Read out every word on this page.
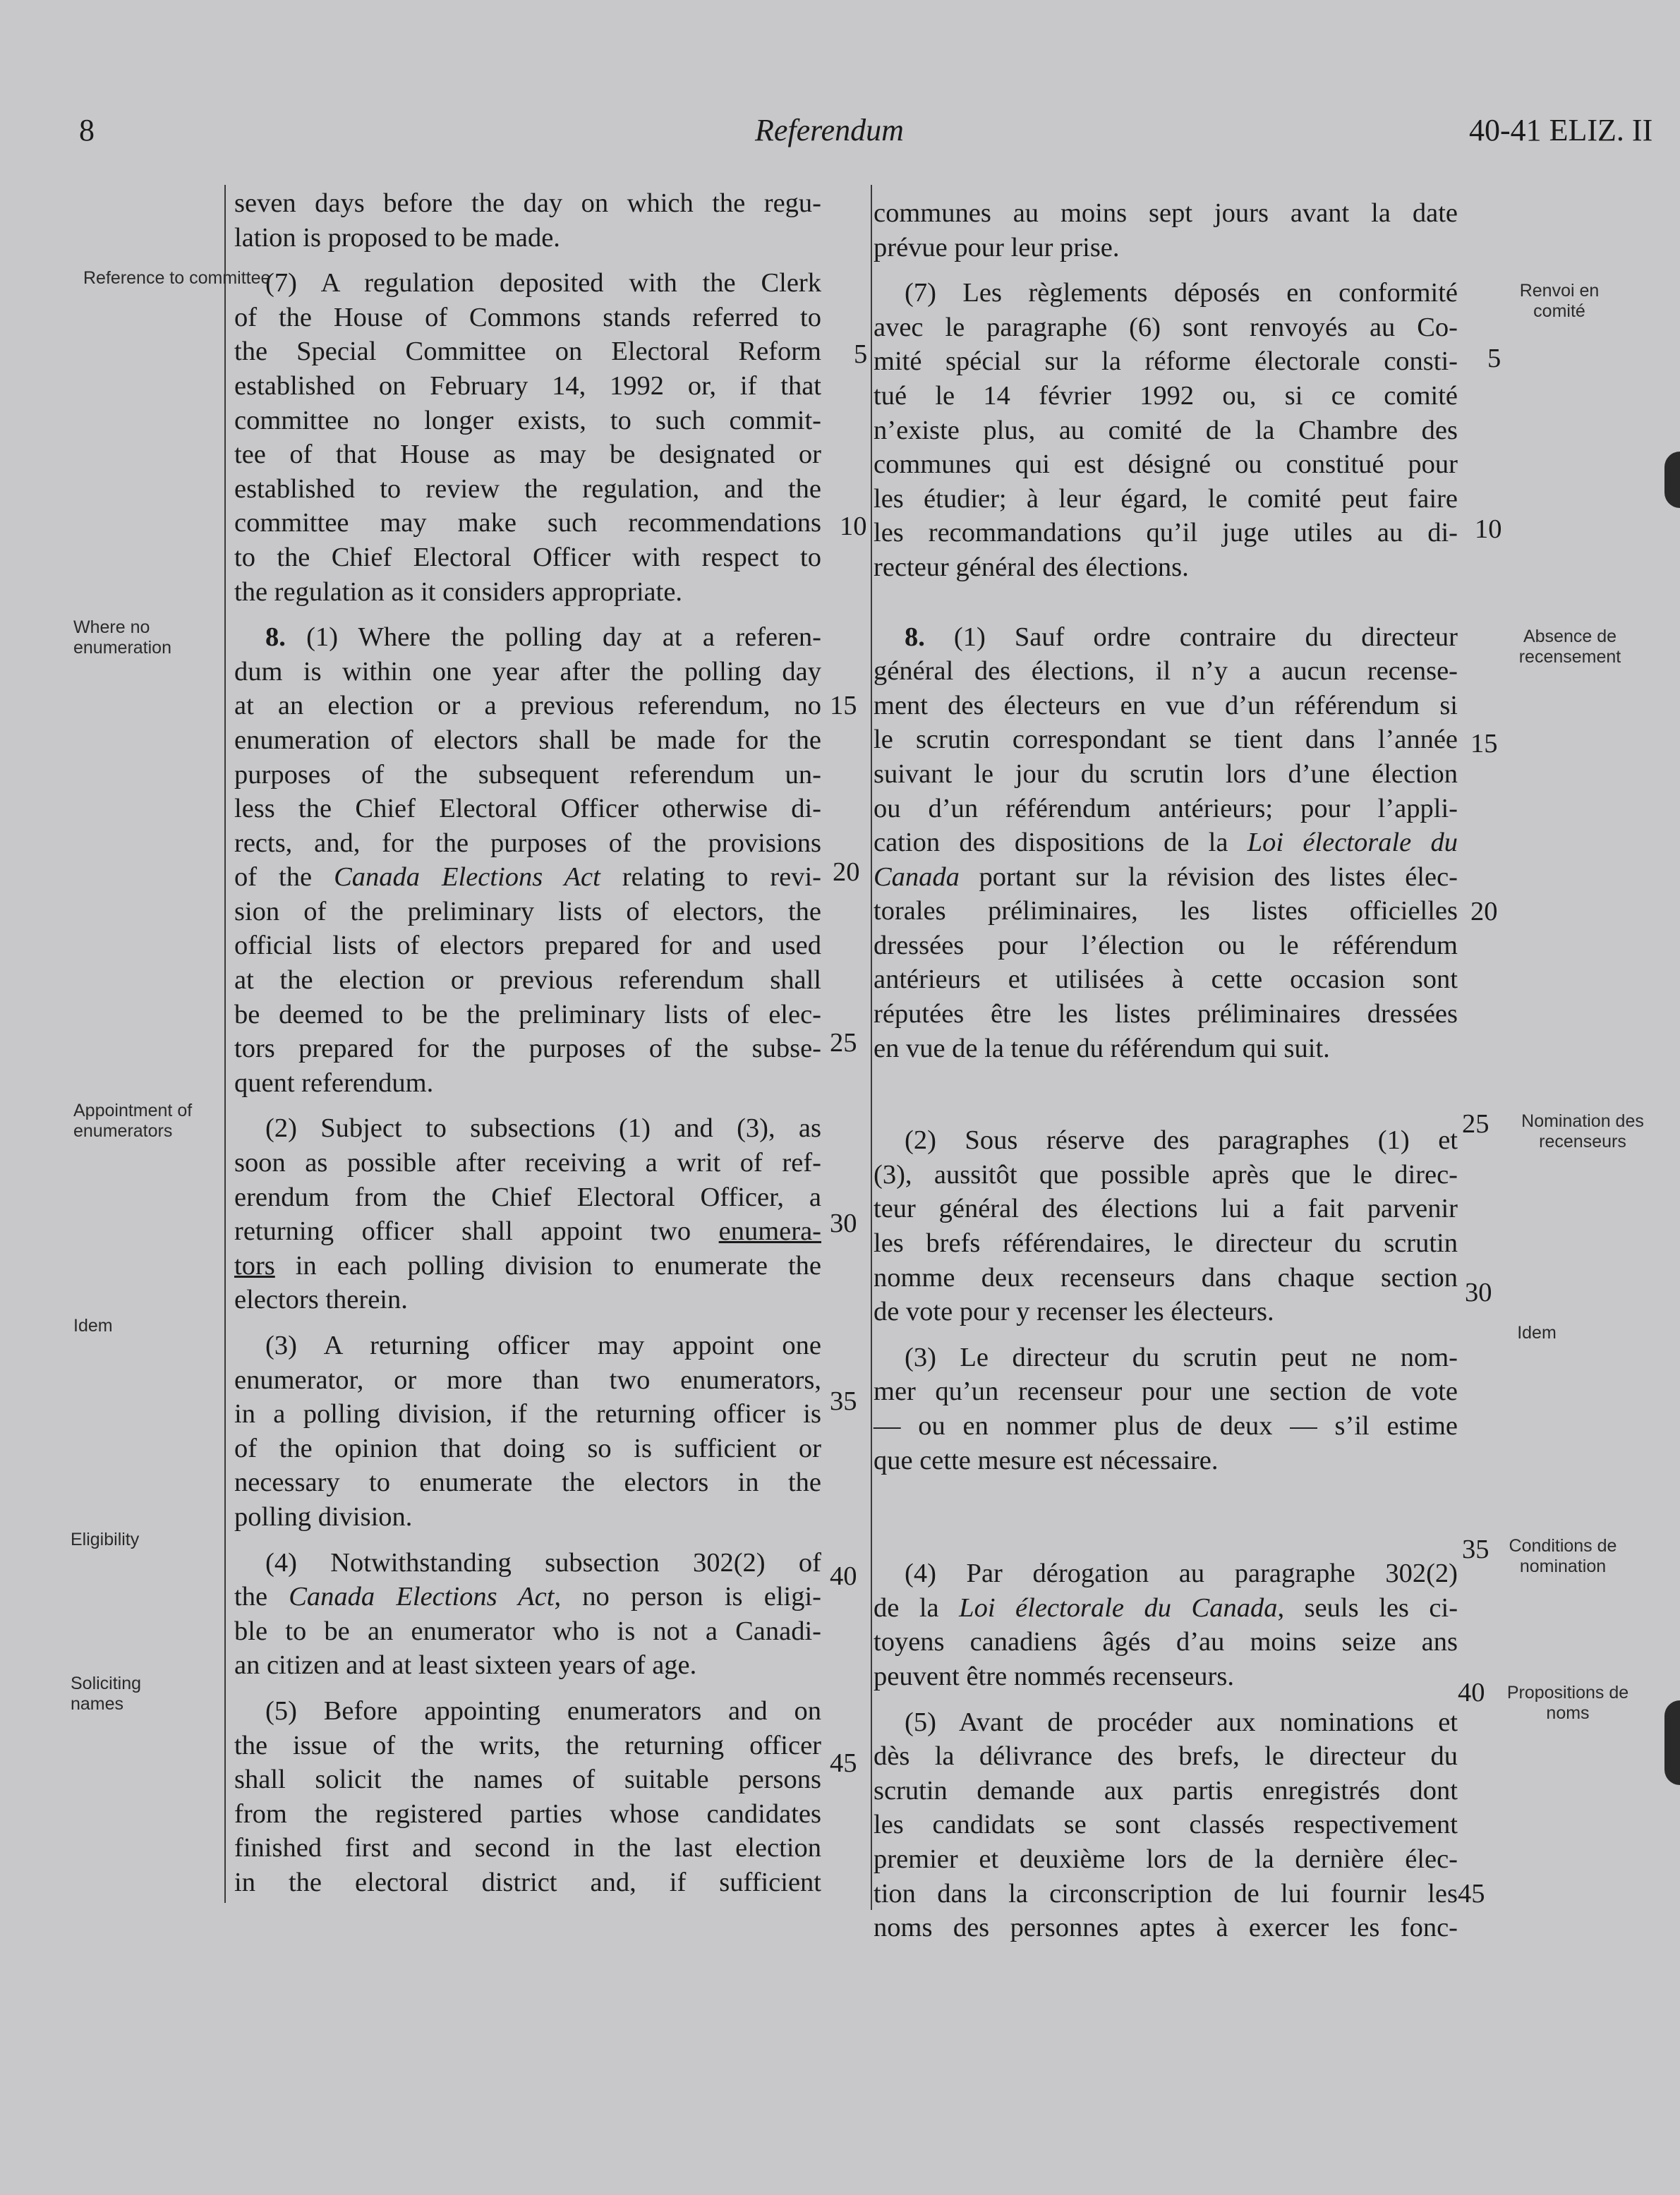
8	Referendum	40-41 ELIZ. II
Reference to committee
Where no enumeration
Appointment of enumerators
Idem
Eligibility
Soliciting names
Renvoi en comité
Absence de recensement
Nomination des recenseurs
Idem
Conditions de nomination
Propositions de noms
seven days before the day on which the regu-
lation is proposed to be made.
(7) A regulation deposited with the Clerk
of the House of Commons stands referred to
the Special Committee on Electoral Reform
established on February 14, 1992 or, if that
committee no longer exists, to such commit-
tee of that House as may be designated or
established to review the regulation, and the
committee may make such recommendations
to the Chief Electoral Officer with respect to
the regulation as it considers appropriate.
8. (1) Where the polling day at a referen-
dum is within one year after the polling day
at an election or a previous referendum, no
enumeration of electors shall be made for the
purposes of the subsequent referendum un-
less the Chief Electoral Officer otherwise di-
rects, and, for the purposes of the provisions
of the Canada Elections Act relating to revi-
sion of the preliminary lists of electors, the
official lists of electors prepared for and used
at the election or previous referendum shall
be deemed to be the preliminary lists of elec-
tors prepared for the purposes of the subse-
quent referendum.
(2) Subject to subsections (1) and (3), as
soon as possible after receiving a writ of ref-
erendum from the Chief Electoral Officer, a
returning officer shall appoint two enumera-
tors in each polling division to enumerate the
electors therein.
(3) A returning officer may appoint one
enumerator, or more than two enumerators,
in a polling division, if the returning officer is
of the opinion that doing so is sufficient or
necessary to enumerate the electors in the
polling division.
(4) Notwithstanding subsection 302(2) of
the Canada Elections Act, no person is eligi-
ble to be an enumerator who is not a Canadi-
an citizen and at least sixteen years of age.
(5) Before appointing enumerators and on
the issue of the writs, the returning officer
shall solicit the names of suitable persons
from the registered parties whose candidates
finished first and second in the last election
in the electoral district and, if sufficient
communes au moins sept jours avant la date
prévue pour leur prise.
(7) Les règlements déposés en conformité
avec le paragraphe (6) sont renvoyés au Co-
mité spécial sur la réforme électorale consti-
tué le 14 février 1992 ou, si ce comité
n’existe plus, au comité de la Chambre des
communes qui est désigné ou constitué pour
les étudier; à leur égard, le comité peut faire
les recommandations qu’il juge utiles au di-
recteur général des élections.
8. (1) Sauf ordre contraire du directeur
général des élections, il n’y a aucun recense-
ment des électeurs en vue d’un référendum si
le scrutin correspondant se tient dans l’année
suivant le jour du scrutin lors d’une élection
ou d’un référendum antérieurs; pour l’appli-
cation des dispositions de la Loi électorale du
Canada portant sur la révision des listes élec-
torales préliminaires, les listes officielles
dressées pour l’élection ou le référendum
antérieurs et utilisées à cette occasion sont
réputées être les listes préliminaires dressées
en vue de la tenue du référendum qui suit.
(2) Sous réserve des paragraphes (1) et
(3), aussitôt que possible après que le direc-
teur général des élections lui a fait parvenir
les brefs référendaires, le directeur du scrutin
nomme deux recenseurs dans chaque section
de vote pour y recenser les électeurs.
(3) Le directeur du scrutin peut ne nom-
mer qu’un recenseur pour une section de vote
— ou en nommer plus de deux — s’il estime
que cette mesure est nécessaire.
(4) Par dérogation au paragraphe 302(2)
de la Loi électorale du Canada, seuls les ci-
toyens canadiens âgés d’au moins seize ans
peuvent être nommés recenseurs.
(5) Avant de procéder aux nominations et
dès la délivrance des brefs, le directeur du
scrutin demande aux partis enregistrés dont
les candidats se sont classés respectivement
premier et deuxième lors de la dernière élec-
tion dans la circonscription de lui fournir les
noms des personnes aptes à exercer les fonc-
5
10
15
20
25
30
35
40
45
5
10
15
20
25
30
35
40
45
